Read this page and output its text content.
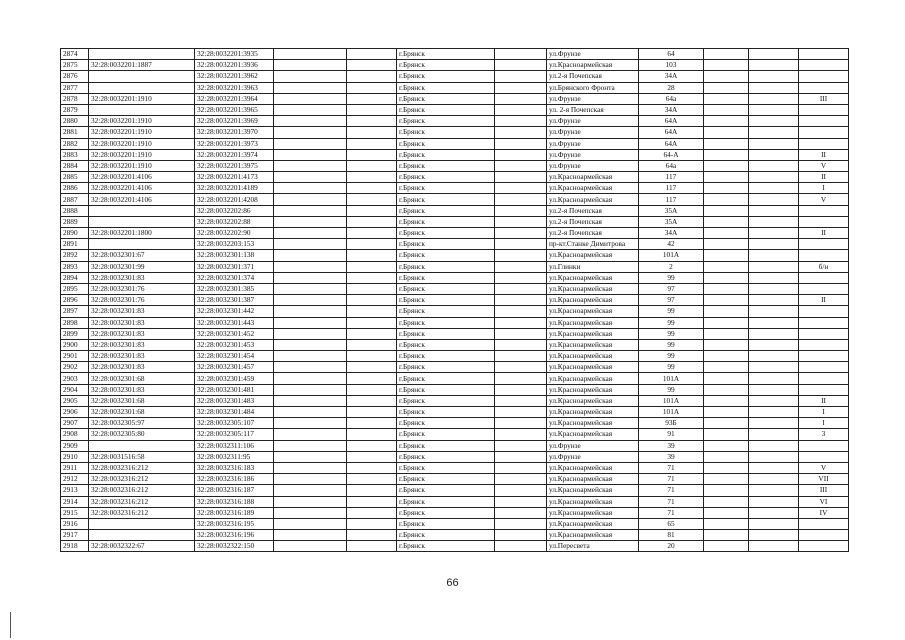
2874		32:28:0032201:3935			г.Брянск		ул.Фрунзе	64			
2875	32:28:0032201:1887	32:28:0032201:3936			г.Брянск		ул.Красноармейская	103			
2876		32:28:0032201:3962			г.Брянск		ул.2-я Почепская	34А			
2877		32:28:0032201:3963			г.Брянск		ул.Брянского Фронта	28			
2878	32:28:0032201:1910	32:28:0032201:3964			г.Брянск		ул.Фрунзе	64а			III
2879		32:28:0032201:3965			г.Брянск		ул. 2-я Почепская	34А			
2880	32:28:0032201:1910	32:28:0032201:3969			г.Брянск		ул.Фрунзе	64А			
2881	32:28:0032201:1910	32:28:0032201:3970			г.Брянск		ул.Фрунзе	64А			
2882	32:28:0032201:1910	32:28:0032201:3973			г.Брянск		ул.Фрунзе	64А			
2883	32:28:0032201:1910	32:28:0032201:3974			г.Брянск		ул.Фрунзе	64-А			II
2884	32:28:0032201:1910	32:28:0032201:3975			г.Брянск		ул.Фрунзе	64а			V
2885	32:28:0032201:4106	32:28:0032201:4173			г.Брянск		ул.Красноармейская	117			II
2886	32:28:0032201:4106	32:28:0032201:4189			г.Брянск		ул.Красноармейская	117			I
2887	32:28:0032201:4106	32:28:0032201:4208			г.Брянск		ул.Красноармейская	117			V
2888		32:28:0032202:86			г.Брянск		ул.2-я Почепская	35А			
2889		32:28:0032202:88			г.Брянск		ул.2-я Почепская	35А			
2890	32:28:0032201:1800	32:28:0032202:90			г.Брянск		ул.2-я Почепская	34А			II
2891		32:28:0032203:153			г.Брянск		пр-кт.Станке Димитрова	42			
2892	32:28:0032301:67	32:28:0032301:138			г.Брянск		ул.Красноармейская	101А			
2893	32:28:0032301:99	32:28:0032301:371			г.Брянск		ул.Глинки	2			б/н
2894	32:28:0032301:83	32:28:0032301:374			г.Брянск		ул.Красноармейская	99			
2895	32:28:0032301:76	32:28:0032301:385			г.Брянск		ул.Красноармейская	97			
2896	32:28:0032301:76	32:28:0032301:387			г.Брянск		ул.Красноармейская	97			II
2897	32:28:0032301:83	32:28:0032301:442			г.Брянск		ул.Красноармейская	99			
2898	32:28:0032301:83	32:28:0032301:443			г.Брянск		ул.Красноармейская	99			
2899	32:28:0032301:83	32:28:0032301:452			г.Брянск		ул.Красноармейская	99			
2900	32:28:0032301:83	32:28:0032301:453			г.Брянск		ул.Красноармейская	99			
2901	32:28:0032301:83	32:28:0032301:454			г.Брянск		ул.Красноармейская	99			
2902	32:28:0032301:83	32:28:0032301:457			г.Брянск		ул.Красноармейская	99			
2903	32:28:0032301:68	32:28:0032301:459			г.Брянск		ул.Красноармейская	101А			
2904	32:28:0032301:83	32:28:0032301:481			г.Брянск		ул.Красноармейская	99			
2905	32:28:0032301:68	32:28:0032301:483			г.Брянск		ул.Красноармейская	101А			II
2906	32:28:0032301:68	32:28:0032301:484			г.Брянск		ул.Красноармейская	101А			I
2907	32:28:0032305:97	32:28:0032305:107			г.Брянск		ул.Красноармейская	93Б			I
2908	32:28:0032305:80	32:28:0032305:117			г.Брянск		ул.Красноармейская	91			3
2909		32:28:0032311:106			г.Брянск		ул.Фрунзе	39			
2910	32:28:0031516:58	32:28:0032311:95			г.Брянск		ул.Фрунзе	39			
2911	32:28:0032316:212	32:28:0032316:183			г.Брянск		ул.Красноармейская	71			V
2912	32:28:0032316:212	32:28:0032316:186			г.Брянск		ул.Красноармейская	71			VII
2913	32:28:0032316:212	32:28:0032316:187			г.Брянск		ул.Красноармейская	71			III
2914	32:28:0032316:212	32:28:0032316:188			г.Брянск		ул.Красноармейская	71			VI
2915	32:28:0032316:212	32:28:0032316:189			г.Брянск		ул.Красноармейская	71			IV
2916		32:28:0032316:195			г.Брянск		ул.Красноармейская	65			
2917		32:28:0032316:196			г.Брянск		ул.Красноармейская	81			
2918	32:28:0032322:67	32:28:0032322:150			г.Брянск		ул.Пересвета	20			
66
